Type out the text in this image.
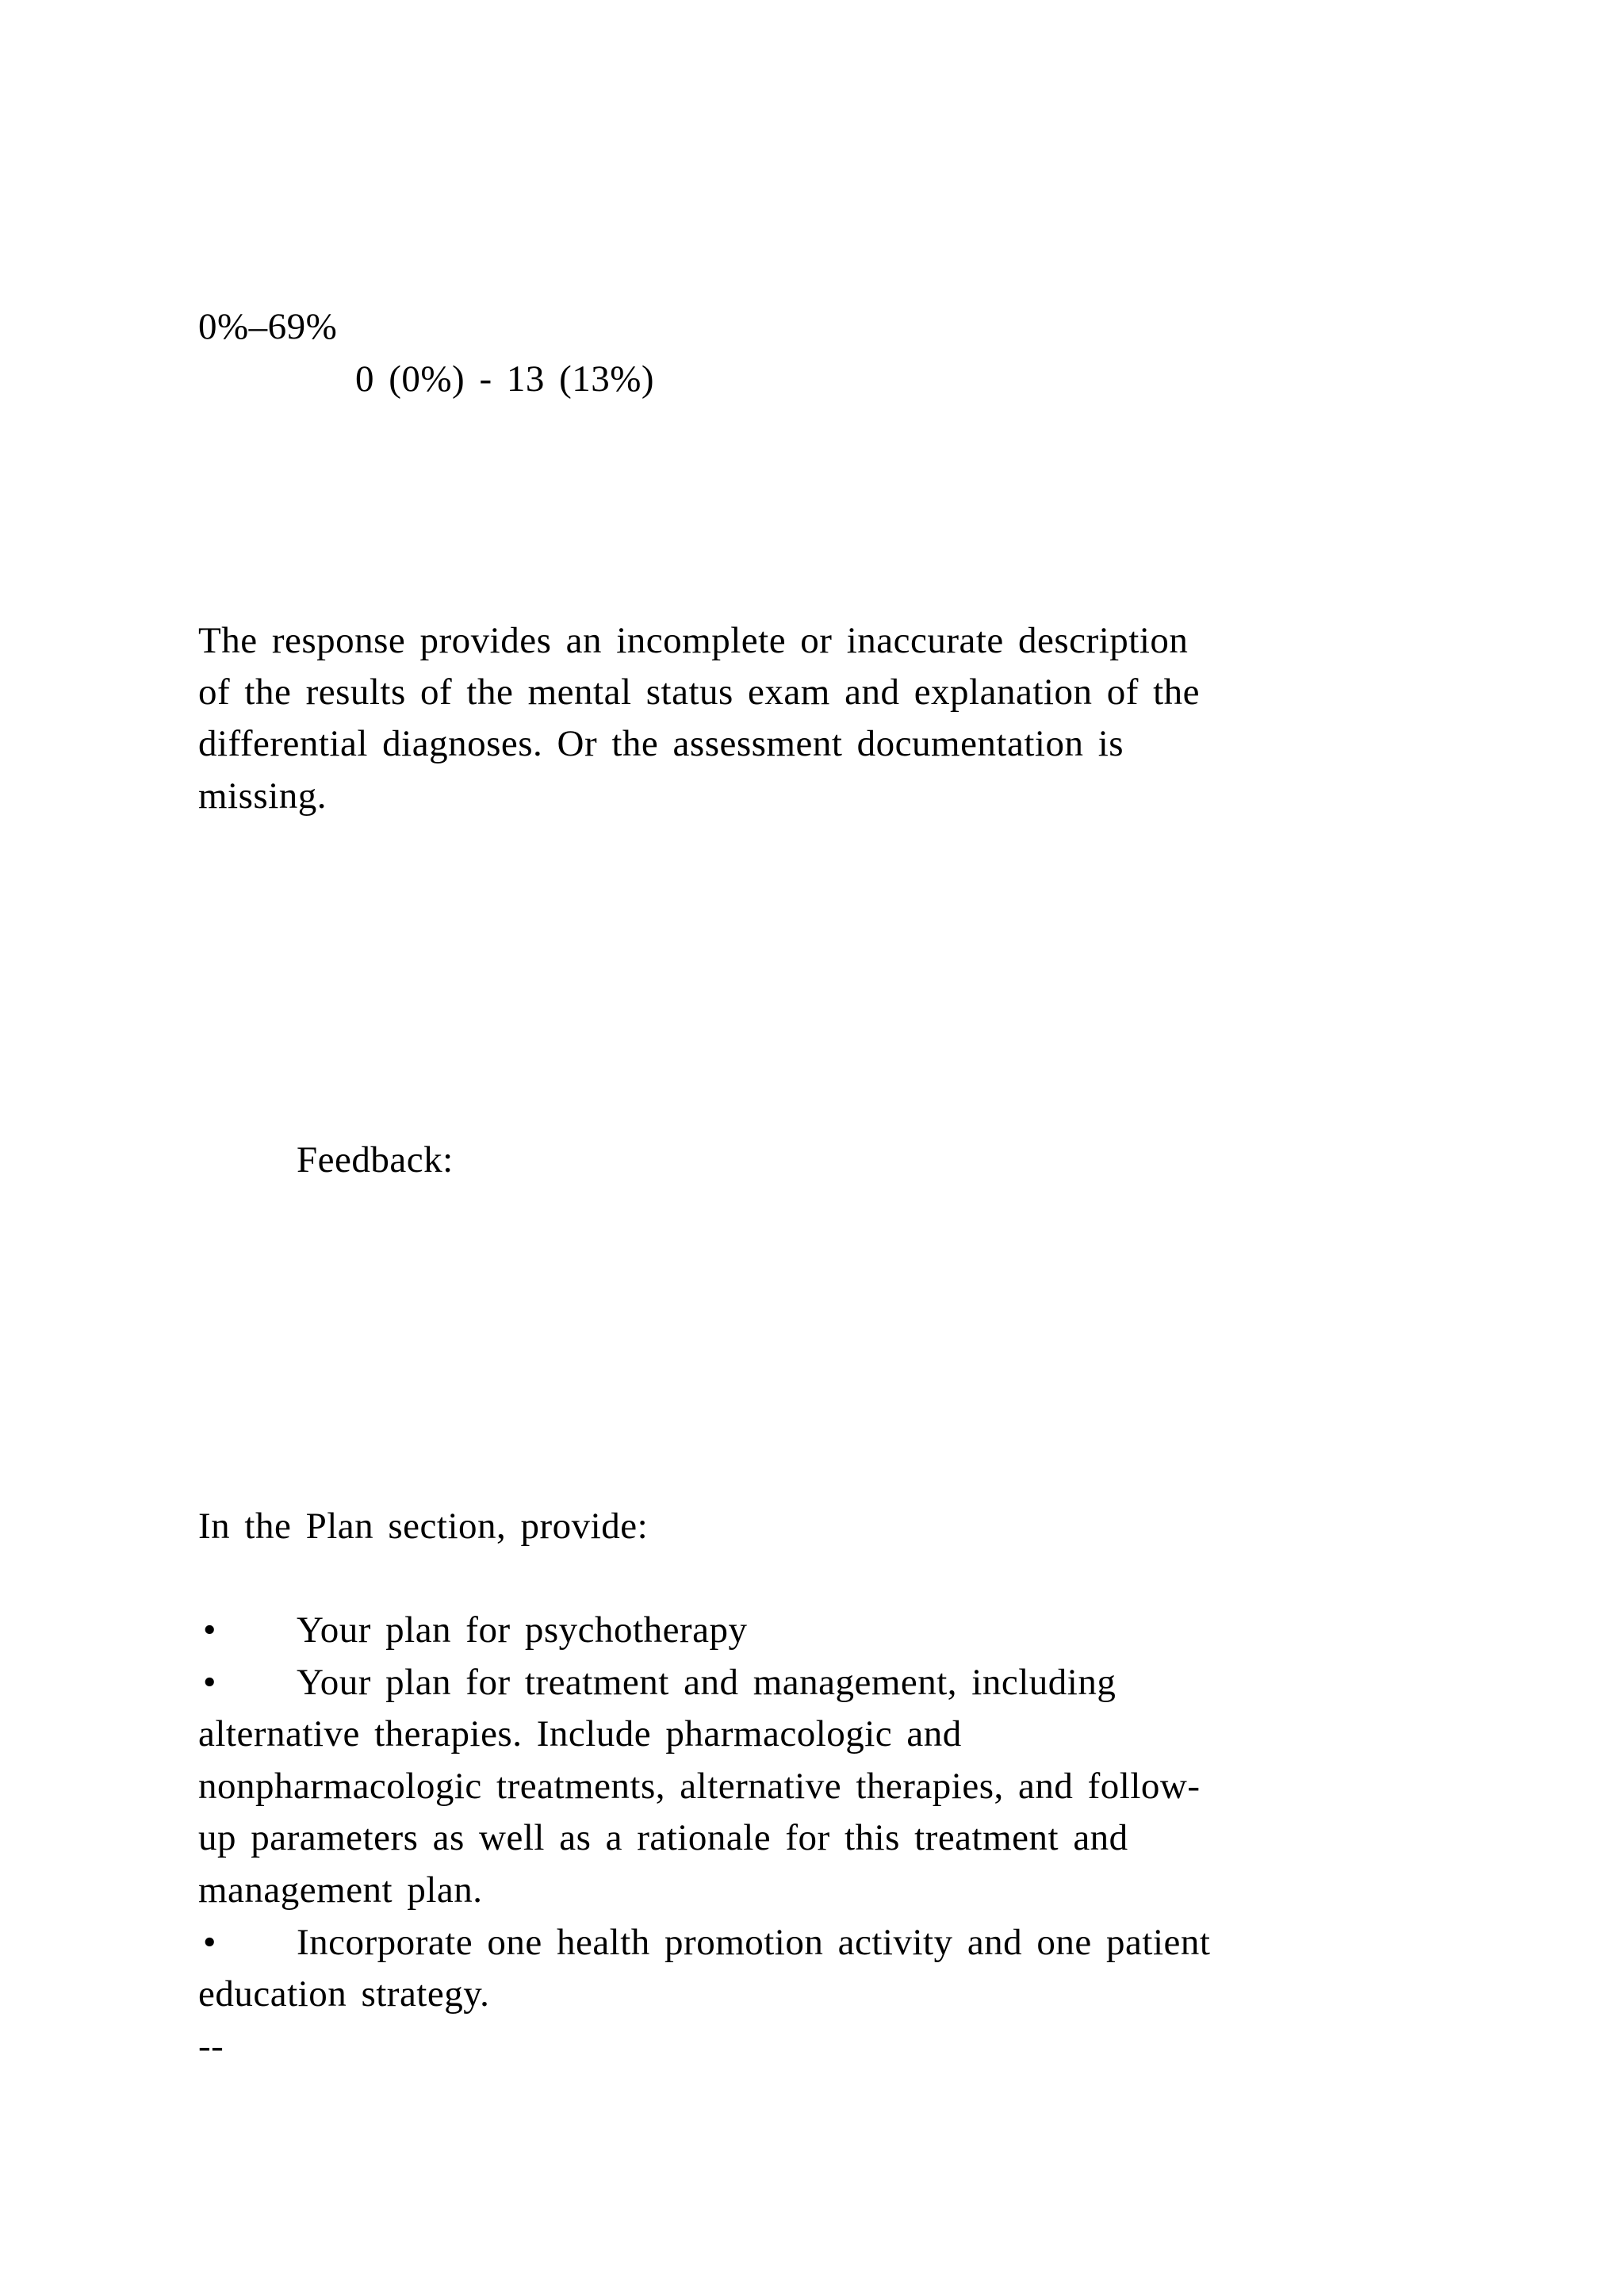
0%–69%
0 (0%) - 13 (13%)
The response provides an incomplete or inaccurate description
of the results of the mental status exam and explanation of the
differential diagnoses. Or the assessment documentation is
missing.
Feedback:
In the Plan section, provide:
• Your plan for psychotherapy
• Your plan for treatment and management, including
alternative therapies. Include pharmacologic and
nonpharmacologic treatments, alternative therapies, and follow-
up parameters as well as a rationale for this treatment and
management plan.
• Incorporate one health promotion activity and one patient
education strategy.
--
